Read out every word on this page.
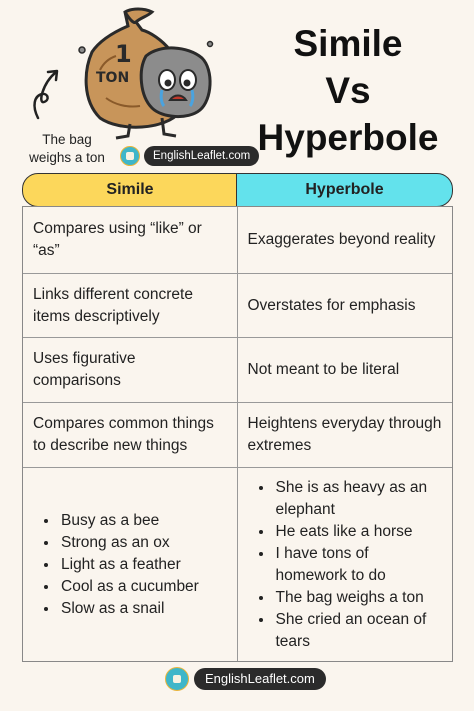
1
TON
The bag
weighs a ton	EnglishLeaflet.com
Simile
Vs
Hyperbole
Simile	Hyperbole
Compares using “like” or “as”
Exaggerates beyond reality
Links different concrete items descriptively
Overstates for emphasis
Uses figurative comparisons
Not meant to be literal
Compares common things to describe new things
Heightens everyday through extremes
• Busy as a bee
• Strong as an ox
• Light as a feather
• Cool as a cucumber
• Slow as a snail
• She is as heavy as an elephant
• He eats like a horse
• I have tons of homework to do
• The bag weighs a ton
• She cried an ocean of tears
EnglishLeaflet.com
